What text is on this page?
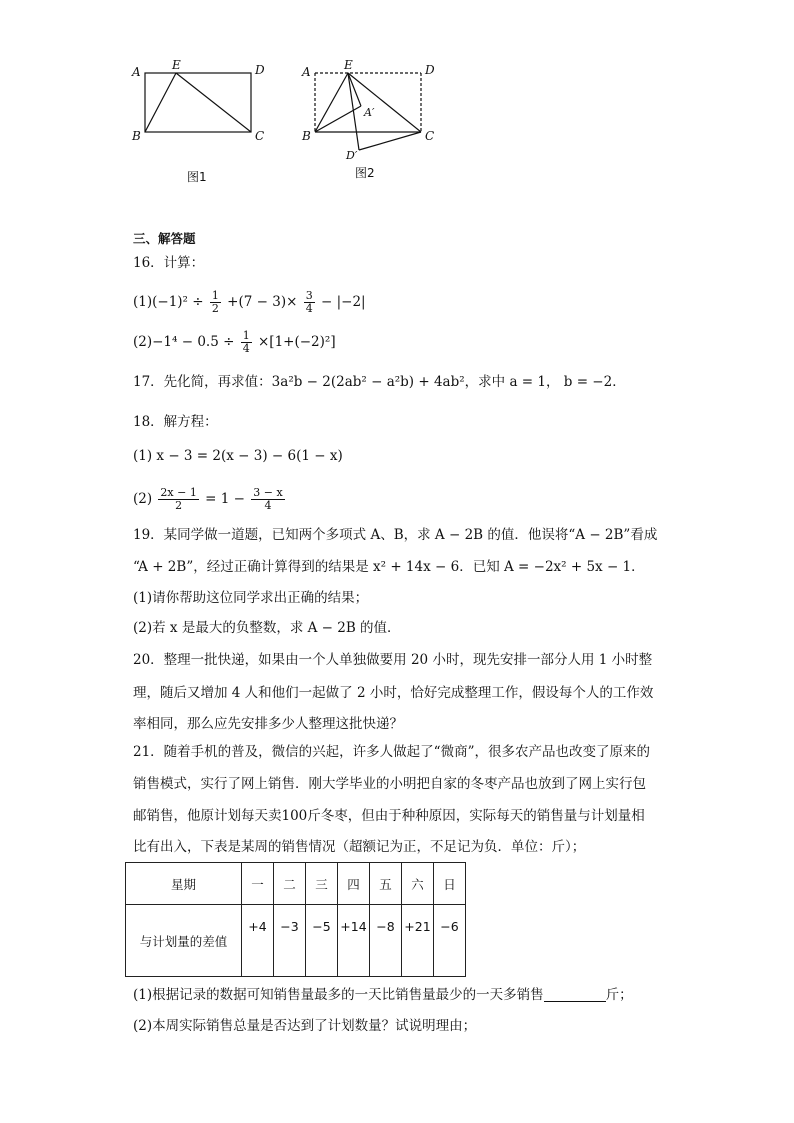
A	E	D
B	C
图1
A	E	D
B	C
A′
D′
图2
三、解答题
16．计算：
$(1)(-1)^2 \div \frac{1}{2} +(7 - 3)\times \frac{3}{4} - |-2|$
$(2)-1^4 - 0.5 \div \frac{1}{4} \times[1+(-2)^2]$
17．先化简，再求值：3a²b − 2(2ab² − a²b) + 4ab²，求中 a = 1， b = −2．
18．解方程：
(1) x − 3 = 2(x − 3) − 6(1 − x)
$(2) \frac{2x - 1}{2} = 1 - \frac{3 - x}{4}$
19．某同学做一道题，已知两个多项式 A、B，求 A − 2B 的值．他误将“A − 2B”看成
“A + 2B”，经过正确计算得到的结果是 x² + 14x − 6．已知 A = −2x² + 5x − 1．
(1)请你帮助这位同学求出正确的结果；
(2)若 x 是最大的负整数，求 A − 2B 的值．
20．整理一批快递，如果由一个人单独做要用 20 小时，现先安排一部分人用 1 小时整
理，随后又增加 4 人和他们一起做了 2 小时，恰好完成整理工作，假设每个人的工作效
率相同，那么应先安排多少人整理这批快递？
21．随着手机的普及，微信的兴起，许多人做起了“微商”，很多农产品也改变了原来的
销售模式，实行了网上销售．刚大学毕业的小明把自家的冬枣产品也放到了网上实行包
邮销售，他原计划每天卖100斤冬枣，但由于种种原因，实际每天的销售量与计划量相
比有出入，下表是某周的销售情况（超额记为正，不足记为负．单位：斤）；
星期	一	二	三	四	五	六	日
与计划量的差值	+4	−3	−5	+14	−8	+21	−6
(1)根据记录的数据可知销售量最多的一天比销售量最少的一天多销售	斤；
(2)本周实际销售总量是否达到了计划数量？试说明理由；
